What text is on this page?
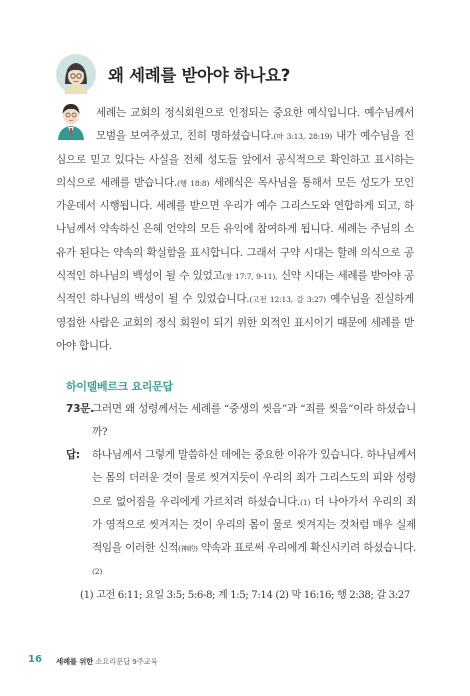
왜 세례를 받아야 하나요?

세례는 교회의 정식회원으로 인정되는 중요한 예식입니다. 예수님께서 모범을 보여주셨고, 친히 명하셨습니다.(마 3:13, 28:19) 내가 예수님을 진심으로 믿고 있다는 사실을 전체 성도들 앞에서 공식적으로 확인하고 표시하는 의식으로 세례를 받습니다.(행 18:8) 세례식은 목사님을 통해서 모든 성도가 모인 가운데서 시행됩니다. 세례를 받으면 우리가 예수 그리스도와 연합하게 되고, 하나님께서 약속하신 은혜 언약의 모든 유익에 참여하게 됩니다. 세례는 주님의 소유가 된다는 약속의 확실함을 표시합니다. 그래서 구약 시대는 할례 의식으로 공식적인 하나님의 백성이 될 수 있었고(창 17:7, 9-11), 신약 시대는 세례를 받아야 공식적인 하나님의 백성이 될 수 있었습니다.(고전 12:13, 갈 3:27) 예수님을 진실하게 영접한 사람은 교회의 정식 회원이 되기 위한 외적인 표시이기 때문에 세례를 받아야 합니다.

하이델베르크 요리문답
73문.
그러면 왜 성령께서는 세례를 “중생의 씻음”과 “죄를 씻음”이라 하셨습니까?
답: 하나님께서 그렇게 말씀하신 데에는 중요한 이유가 있습니다. 하나님께서는 몸의 더러운 것이 물로 씻겨지듯이 우리의 죄가 그리스도의 피와 성령으로 없어짐을 우리에게 가르치려 하셨습니다.(1) 더 나아가서 우리의 죄가 영적으로 씻겨지는 것이 우리의 몸이 물로 씻겨지는 것처럼 매우 실제적임을 이러한 신적(神的) 약속과 표로써 우리에게 확신시키려 하셨습니다.(2)
(1) 고전 6:11; 요일 3:5; 5:6-8; 계 1:5; 7:14 (2) 막 16:16; 행 2:38; 갈 3:27
16 세례를 위한 소요리문답 9주교육
